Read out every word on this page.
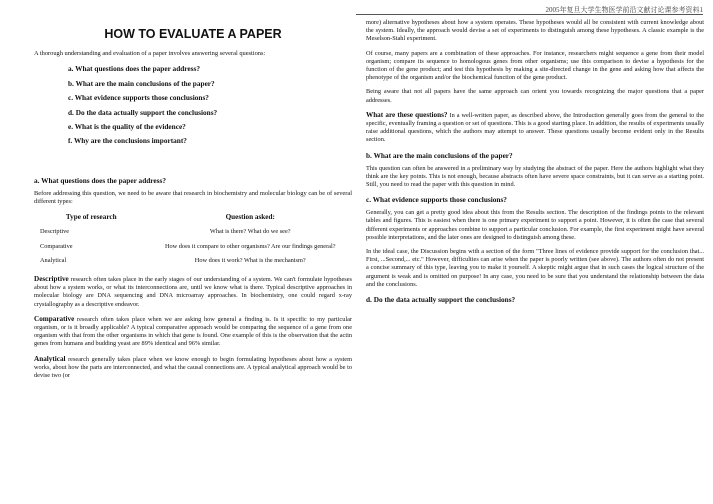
2005年复旦大学生物医学前沿文献讨论课参考资料1
HOW TO EVALUATE A PAPER

A thorough understanding and evaluation of a paper involves answering several questions:

a. What questions does the paper address?
b. What are the main conclusions of the paper?
c. What evidence supports those conclusions?
d. Do the data actually support the conclusions?
e. What is the quality of the evidence?
f. Why are the conclusions important?
a. What questions does the paper address?

Before addressing this question, we need to be aware that research in biochemistry and molecular biology can be of several different types:

Type of research	Question asked:
Descriptive	What is there? What do we see?
Comparative	How does it compare to other organisms? Are our findings general?
Analytical	How does it work? What is the mechanism?

Descriptive research often takes place in the early stages of our understanding of a system. We can't formulate hypotheses about how a system works, or what its interconnections are, until we know what is there. Typical descriptive approaches in molecular biology are DNA sequencing and DNA microarray approaches. In biochemistry, one could regard x-ray crystallography as a descriptive endeavor.

Comparative research often takes place when we are asking how general a finding is. Is it specific to my particular organism, or is it broadly applicable? A typical comparative approach would be comparing the sequence of a gene from one organism with that from the other organisms in which that gene is found. One example of this is the observation that the actin genes from humans and budding yeast are 89% identical and 96% similar.

Analytical research generally takes place when we know enough to begin formulating hypotheses about how a system works, about how the parts are interconnected, and what the causal connections are. A typical analytical approach would be to devise two (or

more) alternative hypotheses about how a system operates. These hypotheses would all be consistent with current knowledge about the system. Ideally, the approach would devise a set of experiments to distinguish among these hypotheses. A classic example is the Meselson-Stahl experiment.

Of course, many papers are a combination of these approaches. For instance, researchers might sequence a gene from their model organism; compare its sequence to homologous genes from other organisms; use this comparison to devise a hypothesis for the function of the gene product; and test this hypothesis by making a site-directed change in the gene and asking how that affects the phenotype of the organism and/or the biochemical function of the gene product.

Being aware that not all papers have the same approach can orient you towards recognizing the major questions that a paper addresses.

What are these questions? In a well-written paper, as described above, the Introduction generally goes from the general to the specific, eventually framing a question or set of questions. This is a good starting place. In addition, the results of experiments usually raise additional questions, which the authors may attempt to answer. These questions usually become evident only in the Results section.

b. What are the main conclusions of the paper?

This question can often be answered in a preliminary way by studying the abstract of the paper. Here the authors highlight what they think are the key points. This is not enough, because abstracts often have severe space constraints, but it can serve as a starting point. Still, you need to read the paper with this question in mind.

c. What evidence supports those conclusions?

Generally, you can get a pretty good idea about this from the Results section. The description of the findings points to the relevant tables and figures. This is easiest when there is one primary experiment to support a point. However, it is often the case that several different experiments or approaches combine to support a particular conclusion. For example, the first experiment might have several possible interpretations, and the later ones are designed to distinguish among these.

In the ideal case, the Discussion begins with a section of the form "Three lines of evidence provide support for the conclusion that... First, ...Second,... etc." However, difficulties can arise when the paper is poorly written (see above). The authors often do not present a concise summary of this type, leaving you to make it yourself. A skeptic might argue that in such cases the logical structure of the argument is weak and is omitted on purpose! In any case, you need to be sure that you understand the relationship between the data and the conclusions.

d. Do the data actually support the conclusions?
